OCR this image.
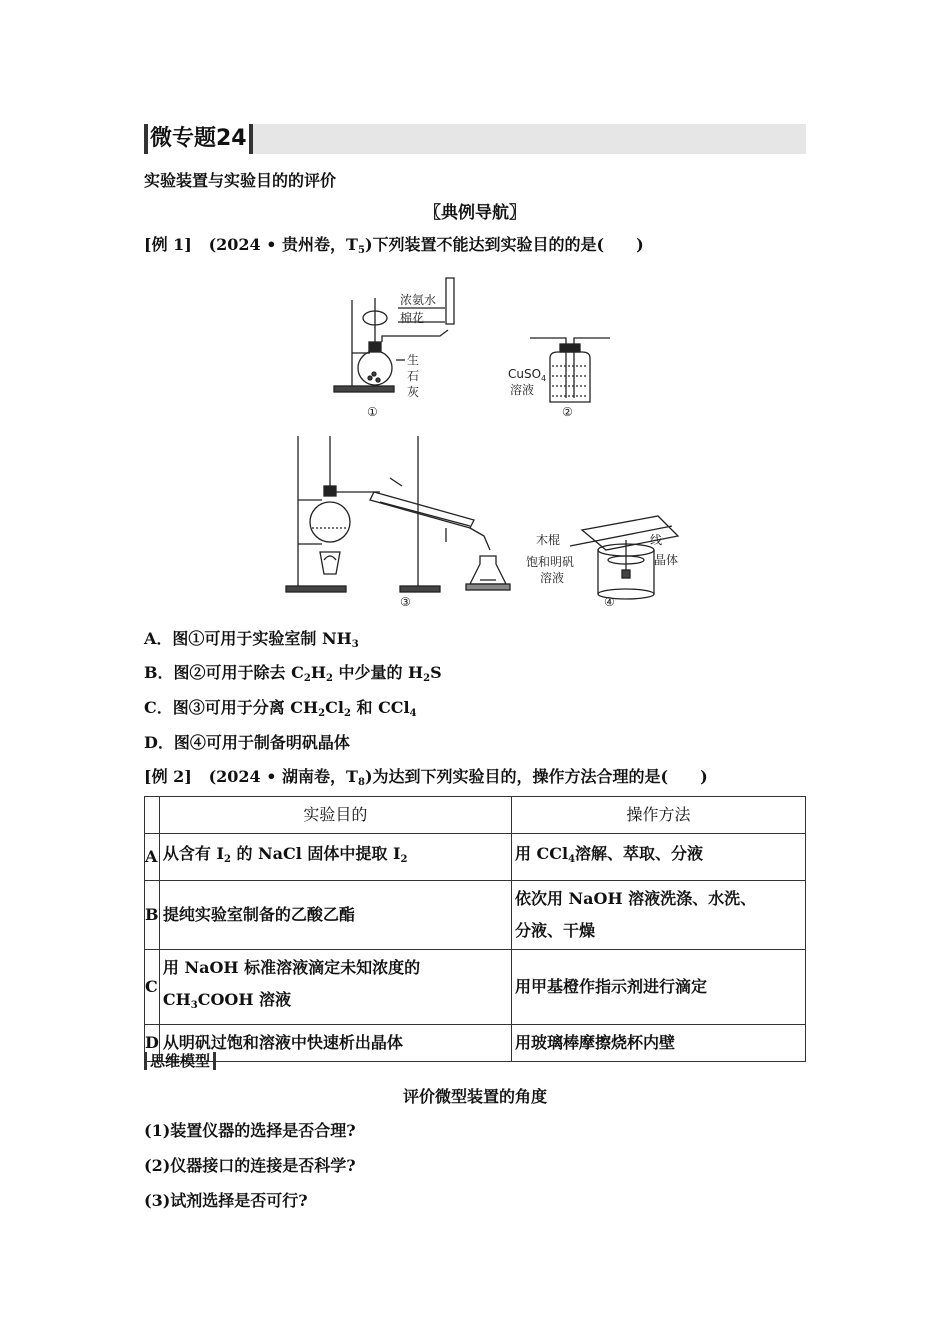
微专题24
实验装置与实验目的的评价
〖典例导航〗
[例 1] (2024 • 贵州卷，$T_5$)下列装置不能达到实验目的的是(　　)
浓氨水
棉花
生
石
灰
①
CuSO$_4$
溶液
②
③
木棍	线
饱和明矾
溶液
晶体
④
A．图①可用于实验室制 $NH_3$
B．图②可用于除去 $C_2H_2$ 中少量的 $H_2S$
C．图③可用于分离 $CH_2Cl_2$ 和 CCl$_4$
D．图④可用于制备明矾晶体
[例 2] (2024 • 湖南卷，$T_8$)为达到下列实验目的，操作方法合理的是(　　)
	实验目的	操作方法
A	从含有 $I_2$ 的 NaCl 固体中提取 $I_2$	用 CCl$_4$溶解、萃取、分液
B	提纯实验室制备的乙酸乙酯	依次用 NaOH 溶液洗涤、水洗、
分液、干燥

C	用 NaOH 标准溶液滴定未知浓度的
$CH_3COOH$ 溶液	用甲基橙作指示剂进行滴定
D	从明矾过饱和溶液中快速析出晶体	用玻璃棒摩擦烧杯内壁
思维模型
评价微型装置的角度
(1)装置仪器的选择是否合理?
(2)仪器接口的连接是否科学?
(3)试剂选择是否可行?
